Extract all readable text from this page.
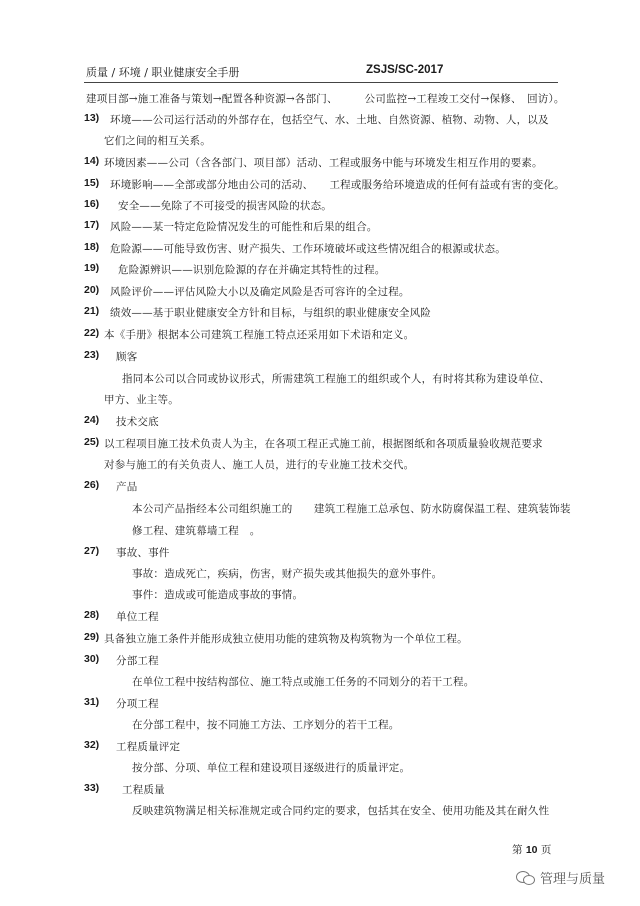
质量 / 环境 / 职业健康安全手册	ZSJS/SC-2017
建项目部→施工准备与策划→配置各种资源→各部门、　　　公司监控→工程竣工交付→保修、　回访）。
13) 环境——公司运行活动的外部存在，包括空气、水、土地、自然资源、植物、动物、人，以及
它们之间的相互关系。
14) 环境因素——公司（含各部门、项目部）活动、工程或服务中能与环境发生相互作用的要素。
15) 环境影响——全部或部分地由公司的活动、　　工程或服务给环境造成的任何有益或有害的变化。
16) 安全——免除了不可接受的损害风险的状态。
17) 风险——某一特定危险情况发生的可能性和后果的组合。
18) 危险源——可能导致伤害、财产损失、工作环境破坏或这些情况组合的根源或状态。
19) 危险源辨识——识别危险源的存在并确定其特性的过程。
20) 风险评价——评估风险大小以及确定风险是否可容许的全过程。
21) 绩效——基于职业健康安全方针和目标，与组织的职业健康安全风险
22) 本《手册》根据本公司建筑工程施工特点还采用如下术语和定义。
23) 顾客
指同本公司以合同或协议形式，所需建筑工程施工的组织或个人，有时将其称为建设单位、
甲方、业主等。
24) 技术交底
25) 以工程项目施工技术负责人为主，在各项工程正式施工前，根据图纸和各项质量验收规范要求
对参与施工的有关负责人、施工人员，进行的专业施工技术交代。
26) 产品
本公司产品指经本公司组织施工的　　建筑工程施工总承包、防水防腐保温工程、建筑装饰装
修工程、建筑幕墙工程　。
27) 事故、事件
事故：造成死亡，疾病，伤害，财产损失或其他损失的意外事件。
事件：造成或可能造成事故的事情。
28) 单位工程
29) 具备独立施工条件并能形成独立使用功能的建筑物及构筑物为一个单位工程。
30) 分部工程
在单位工程中按结构部位、施工特点或施工任务的不同划分的若干工程。
31) 分项工程
在分部工程中，按不同施工方法、工序划分的若干工程。
32) 工程质量评定
按分部、分项、单位工程和建设项目逐级进行的质量评定。
33) 工程质量
反映建筑物满足相关标准规定或合同约定的要求，包括其在安全、使用功能及其在耐久性
第 10 页
管理与质量
